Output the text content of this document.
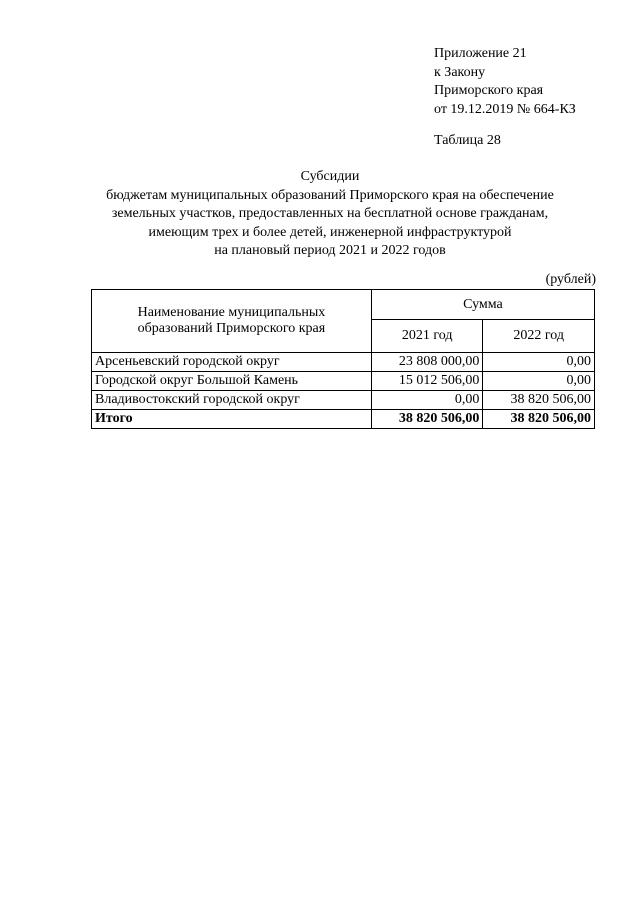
Приложение 21
к Закону
Приморского края
от 19.12.2019 № 664-КЗ
Таблица 28
Субсидии
бюджетам муниципальных образований Приморского края на обеспечение
земельных участков, предоставленных на бесплатной основе гражданам,
имеющим трех и более детей, инженерной инфраструктурой
на плановый период 2021 и 2022 годов
(рублей)
Наименование муниципальных
образований Приморского края	Сумма	
	2021 год	2022 год
Арсеньевский городской округ	23 808 000,00	0,00
Городской округ Большой Камень	15 012 506,00	0,00
Владивостокский городской округ	0,00	38 820 506,00
Итого	38 820 506,00	38 820 506,00
